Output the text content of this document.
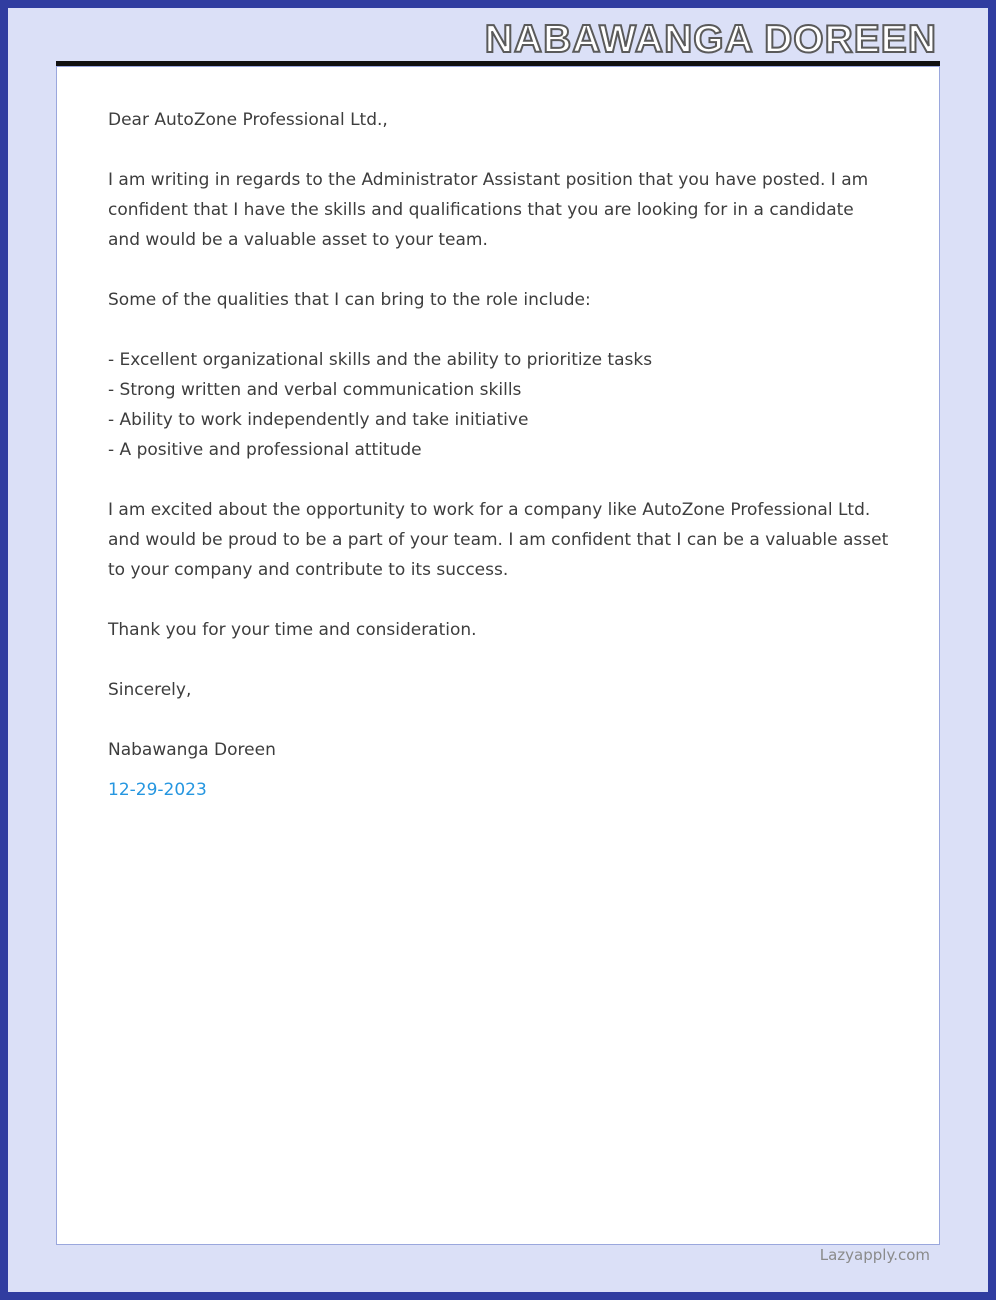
NABAWANGA DOREEN

Dear AutoZone Professional Ltd.,

I am writing in regards to the Administrator Assistant position that you have posted. I am confident that I have the skills and qualifications that you are looking for in a candidate and would be a valuable asset to your team.

Some of the qualities that I can bring to the role include:

- Excellent organizational skills and the ability to prioritize tasks
- Strong written and verbal communication skills
- Ability to work independently and take initiative
- A positive and professional attitude

I am excited about the opportunity to work for a company like AutoZone Professional Ltd. and would be proud to be a part of your team. I am confident that I can be a valuable asset to your company and contribute to its success.

Thank you for your time and consideration.

Sincerely,

Nabawanga Doreen
12-29-2023
Lazyapply.com
